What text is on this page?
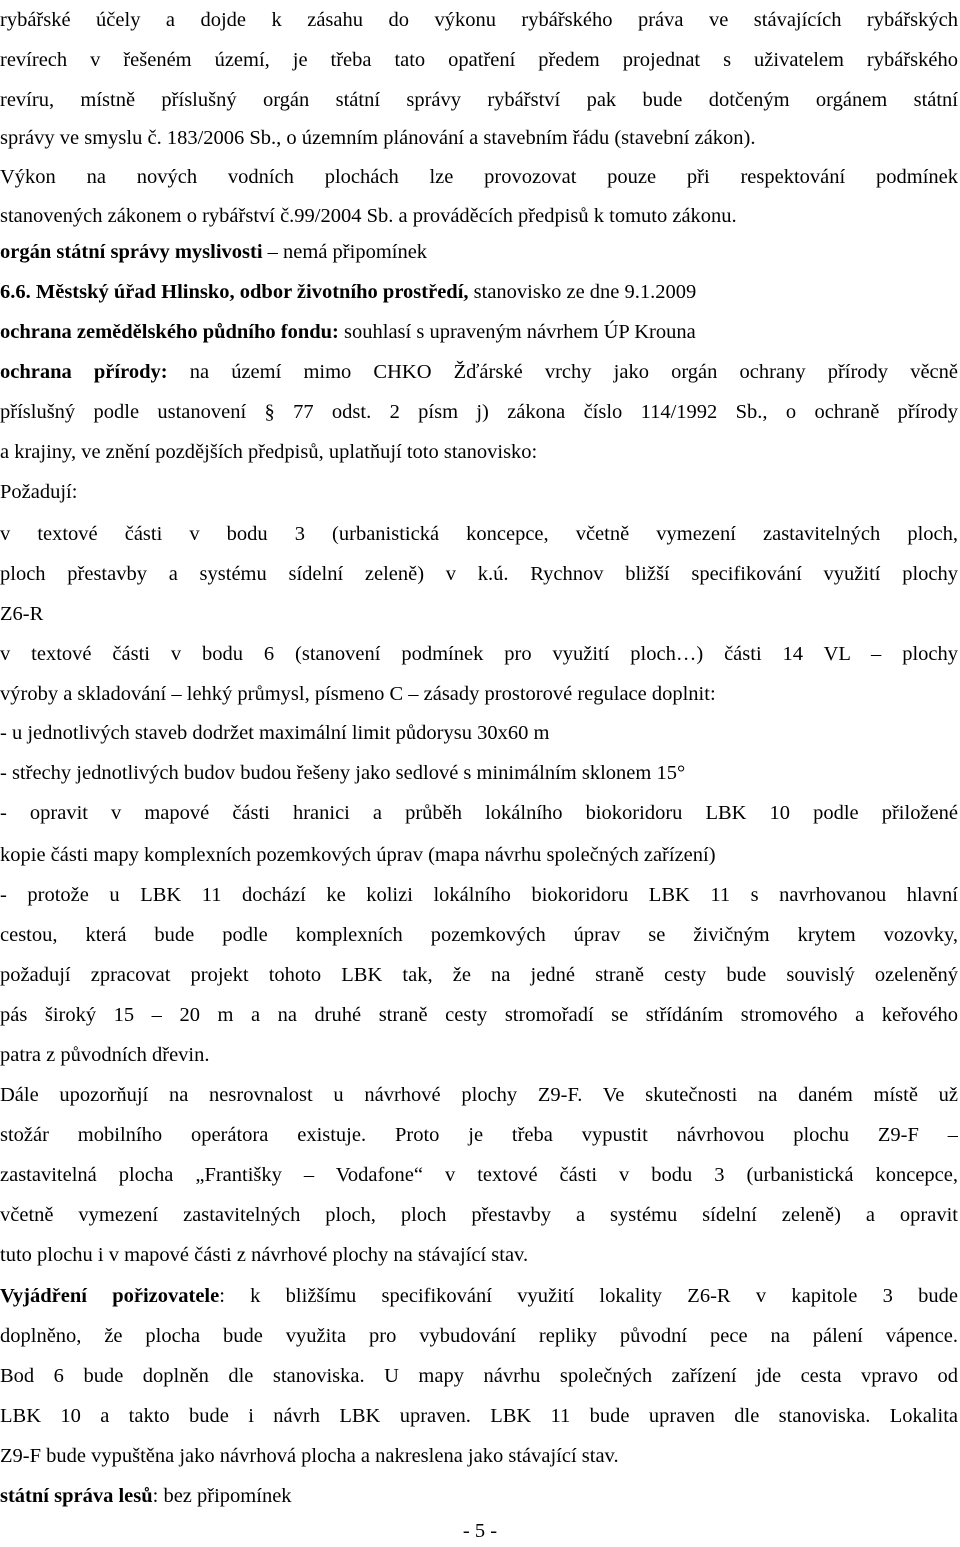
rybářské účely a dojde k zásahu do výkonu rybářského práva ve stávajících rybářských
revírech v řešeném území, je třeba tato opatření předem projednat s uživatelem rybářského
revíru, místně příslušný orgán státní správy rybářství pak bude dotčeným orgánem státní
správy ve smyslu č. 183/2006 Sb., o územním plánování a stavebním řádu (stavební zákon).
Výkon na nových vodních plochách lze provozovat pouze při respektování podmínek
stanovených zákonem o rybářství č.99/2004 Sb. a prováděcích předpisů k tomuto zákonu.
orgán státní správy myslivosti – nemá připomínek
6.6. Městský úřad Hlinsko, odbor životního prostředí, stanovisko ze dne 9.1.2009
ochrana zemědělského půdního fondu: souhlasí s upraveným návrhem ÚP Krouna
ochrana přírody: na území mimo CHKO Žďárské vrchy jako orgán ochrany přírody věcně
příslušný podle ustanovení § 77 odst. 2 písm j) zákona číslo 114/1992 Sb., o ochraně přírody
a krajiny, ve znění pozdějších předpisů, uplatňují toto stanovisko:
Požadují:
v textové části v bodu 3 (urbanistická koncepce, včetně vymezení zastavitelných ploch,
ploch přestavby a systému sídelní zeleně) v k.ú. Rychnov bližší specifikování využití plochy
Z6-R
v textové části v bodu 6 (stanovení podmínek pro využití ploch…) části 14 VL – plochy
výroby a skladování – lehký průmysl, písmeno C – zásady prostorové regulace doplnit:
- u jednotlivých staveb dodržet maximální limit půdorysu 30x60 m
- střechy jednotlivých budov budou řešeny jako sedlové s minimálním sklonem 15°
- opravit v mapové části hranici a průběh lokálního biokoridoru LBK 10 podle přiložené
kopie části mapy komplexních pozemkových úprav (mapa návrhu společných zařízení)
- protože u LBK 11 dochází ke kolizi lokálního biokoridoru LBK 11 s navrhovanou hlavní
cestou, která bude podle komplexních pozemkových úprav se živičným krytem vozovky,
požadují zpracovat projekt tohoto LBK tak, že na jedné straně cesty bude souvislý ozeleněný
pás široký 15 – 20 m a na druhé straně cesty stromořadí se střídáním stromového a keřového
patra z původních dřevin.
Dále upozorňují na nesrovnalost u návrhové plochy Z9-F. Ve skutečnosti na daném místě už
stožár mobilního operátora existuje. Proto je třeba vypustit návrhovou plochu Z9-F –
zastavitelná plocha „Františky – Vodafone“ v textové části v bodu 3 (urbanistická koncepce,
včetně vymezení zastavitelných ploch, ploch přestavby a systému sídelní zeleně) a opravit
tuto plochu i v mapové části z návrhové plochy na stávající stav.
Vyjádření pořizovatele: k bližšímu specifikování využití lokality Z6-R v kapitole 3 bude
doplněno, že plocha bude využita pro vybudování repliky původní pece na pálení vápence.
Bod 6 bude doplněn dle stanoviska. U mapy návrhu společných zařízení jde cesta vpravo od
LBK 10 a takto bude i návrh LBK upraven. LBK 11 bude upraven dle stanoviska. Lokalita
Z9-F bude vypuštěna jako návrhová plocha a nakreslena jako stávající stav.
státní správa lesů: bez připomínek
- 5 -
